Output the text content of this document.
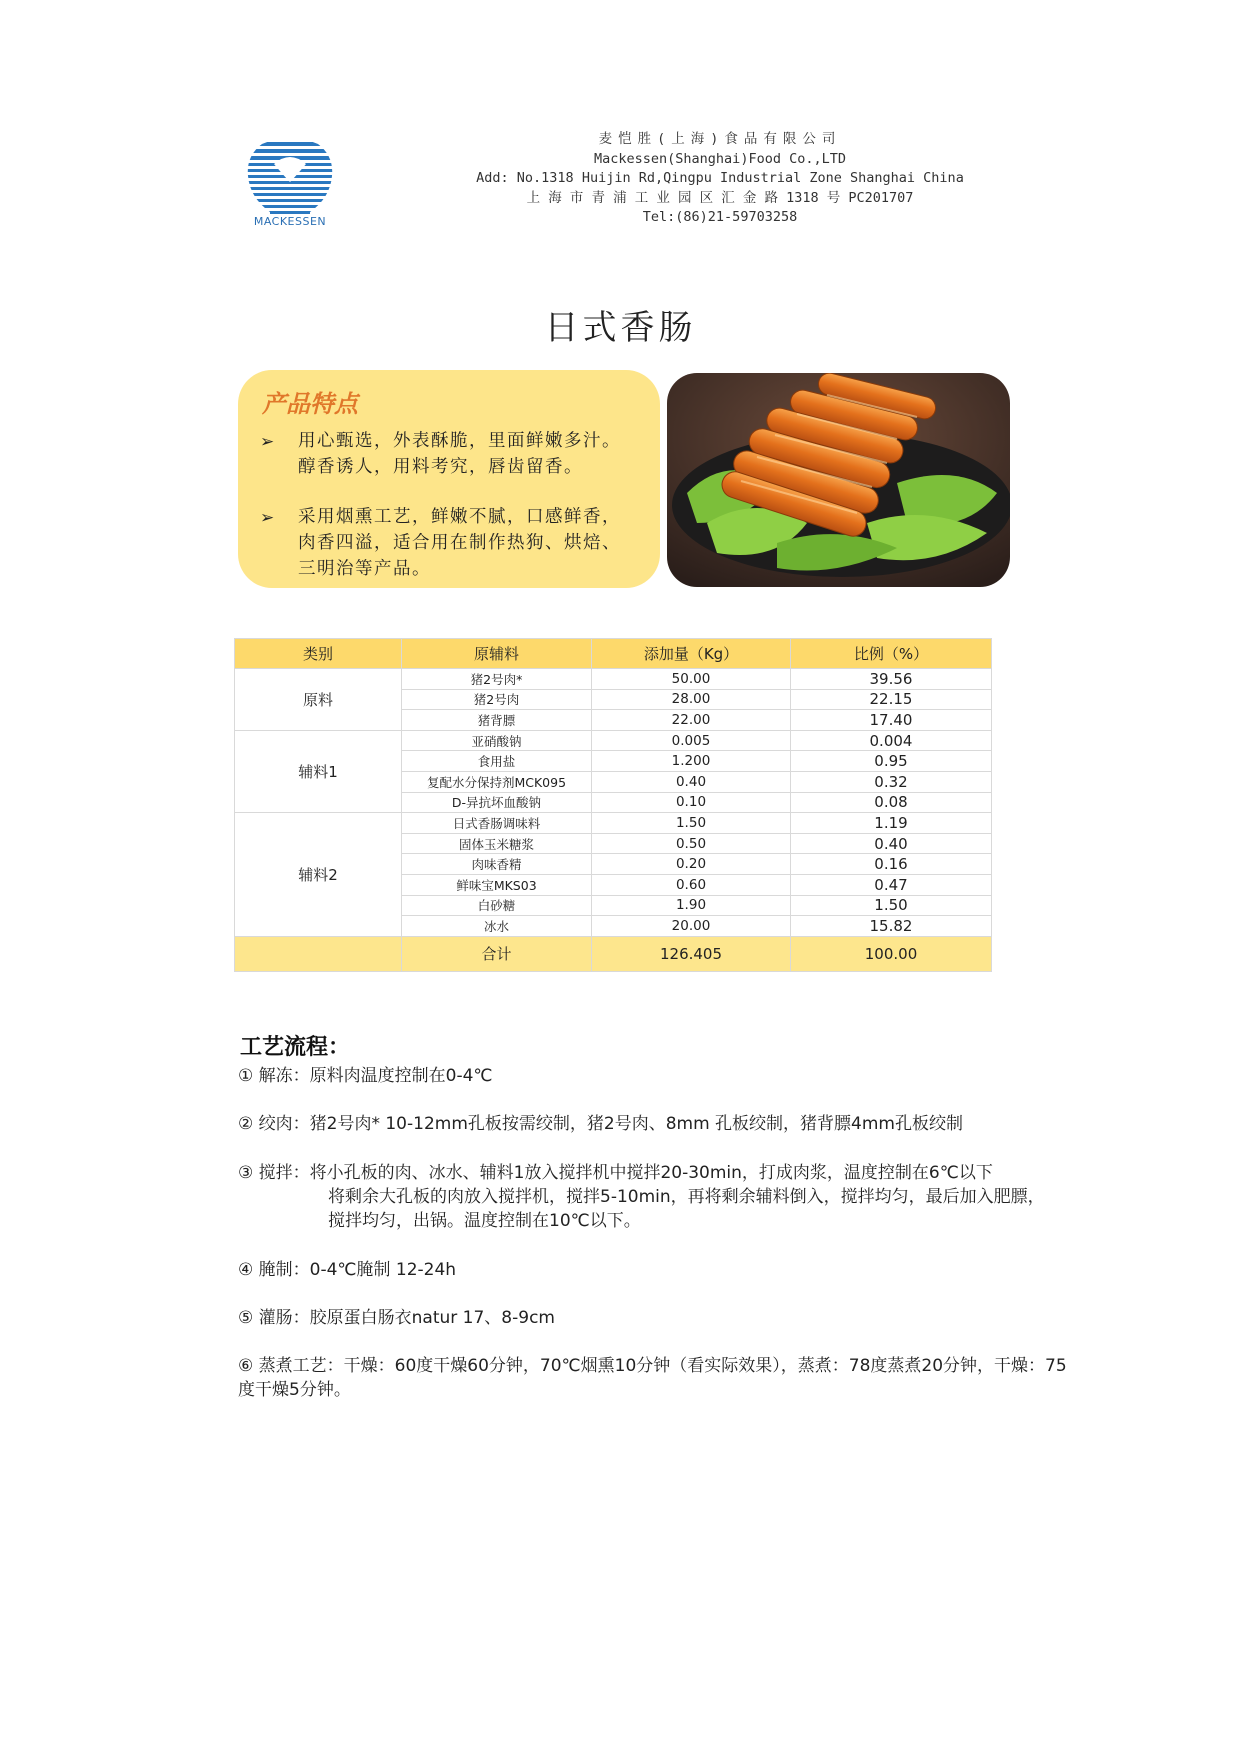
MACKESSEN
麦恺胜(上海)食品有限公司
Mackessen(Shanghai)Food Co.,LTD
Add: No.1318 Huijin Rd,Qingpu Industrial Zone Shanghai China
上 海 市 青 浦 工 业 园 区 汇 金 路 1318 号 PC201707
Tel:(86)21-59703258
日式香肠
产品特点
➢ 用心甄选，外表酥脆，里面鲜嫩多汁。
醇香诱人，用料考究，唇齿留香。
➢ 采用烟熏工艺，鲜嫩不腻，口感鲜香，
肉香四溢，适合用在制作热狗、烘焙、
三明治等产品。
类别	原辅料	添加量（Kg）	比例（%）
原料	猪2号肉*	50.00	39.56
	猪2号肉	28.00	22.15
	猪背膘	22.00	17.40
辅料1	亚硝酸钠	0.005	0.004
	食用盐	1.200	0.95
	复配水分保持剂MCK095	0.40	0.32
	D-异抗坏血酸钠	0.10	0.08
辅料2	日式香肠调味料	1.50	1.19
	固体玉米糖浆	0.50	0.40
	肉味香精	0.20	0.16
	鲜味宝MKS03	0.60	0.47
	白砂糖	1.90	1.50
	冰水	20.00	15.82
	合计	126.405	100.00
工艺流程：
① 解冻：原料肉温度控制在0-4℃
② 绞肉：猪2号肉* 10-12mm孔板按需绞制，猪2号肉、8mm 孔板绞制，猪背膘4mm孔板绞制
③ 搅拌：将小孔板的肉、冰水、辅料1放入搅拌机中搅拌20-30min，打成肉浆，温度控制在6℃以下
将剩余大孔板的肉放入搅拌机，搅拌5-10min，再将剩余辅料倒入，搅拌均匀，最后加入肥膘，
搅拌均匀，出锅。温度控制在10℃以下。
④ 腌制：0-4℃腌制 12-24h
⑤ 灌肠：胶原蛋白肠衣natur 17、8-9cm
⑥ 蒸煮工艺：干燥：60度干燥60分钟，70℃烟熏10分钟（看实际效果），蒸煮：78度蒸煮20分钟，干燥：75
度干燥5分钟。
